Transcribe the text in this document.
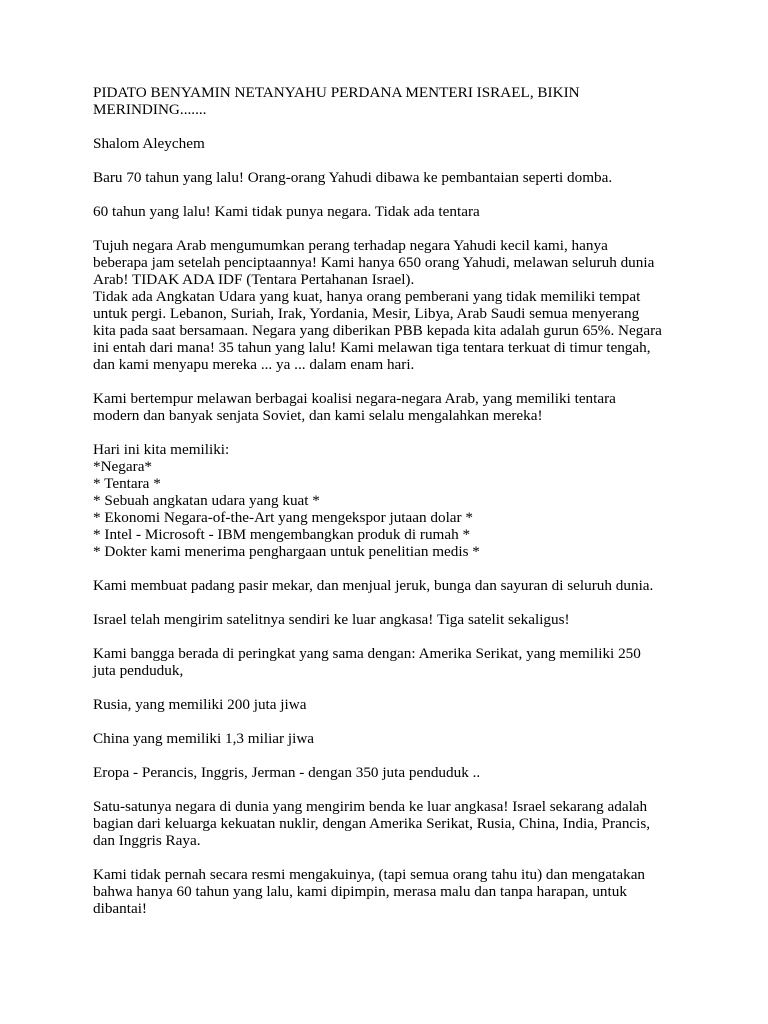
PIDATO BENYAMIN NETANYAHU PERDANA MENTERI ISRAEL, BIKIN
MERINDING.......
Shalom Aleychem
Baru 70 tahun yang lalu! Orang-orang Yahudi dibawa ke pembantaian seperti domba.
60 tahun yang lalu! Kami tidak punya negara. Tidak ada tentara
Tujuh negara Arab mengumumkan perang terhadap negara Yahudi kecil kami, hanya
beberapa jam setelah penciptaannya! Kami hanya 650 orang Yahudi, melawan seluruh dunia
Arab! TIDAK ADA IDF (Tentara Pertahanan Israel).
Tidak ada Angkatan Udara yang kuat, hanya orang pemberani yang tidak memiliki tempat
untuk pergi. Lebanon, Suriah, Irak, Yordania, Mesir, Libya, Arab Saudi semua menyerang
kita pada saat bersamaan. Negara yang diberikan PBB kepada kita adalah gurun 65%. Negara
ini entah dari mana! 35 tahun yang lalu! Kami melawan tiga tentara terkuat di timur tengah,
dan kami menyapu mereka ... ya ... dalam enam hari.
Kami bertempur melawan berbagai koalisi negara-negara Arab, yang memiliki tentara
modern dan banyak senjata Soviet, dan kami selalu mengalahkan mereka!
Hari ini kita memiliki:
*Negara*
* Tentara *
* Sebuah angkatan udara yang kuat *
* Ekonomi Negara-of-the-Art yang mengekspor jutaan dolar *
* Intel - Microsoft - IBM mengembangkan produk di rumah *
* Dokter kami menerima penghargaan untuk penelitian medis *
Kami membuat padang pasir mekar, dan menjual jeruk, bunga dan sayuran di seluruh dunia.
Israel telah mengirim satelitnya sendiri ke luar angkasa! Tiga satelit sekaligus!
Kami bangga berada di peringkat yang sama dengan: Amerika Serikat, yang memiliki 250
juta penduduk,
Rusia, yang memiliki 200 juta jiwa
China yang memiliki 1,3 miliar jiwa
Eropa - Perancis, Inggris, Jerman - dengan 350 juta penduduk ..
Satu-satunya negara di dunia yang mengirim benda ke luar angkasa! Israel sekarang adalah
bagian dari keluarga kekuatan nuklir, dengan Amerika Serikat, Rusia, China, India, Prancis,
dan Inggris Raya.
Kami tidak pernah secara resmi mengakuinya, (tapi semua orang tahu itu) dan mengatakan
bahwa hanya 60 tahun yang lalu, kami dipimpin, merasa malu dan tanpa harapan, untuk
dibantai!
